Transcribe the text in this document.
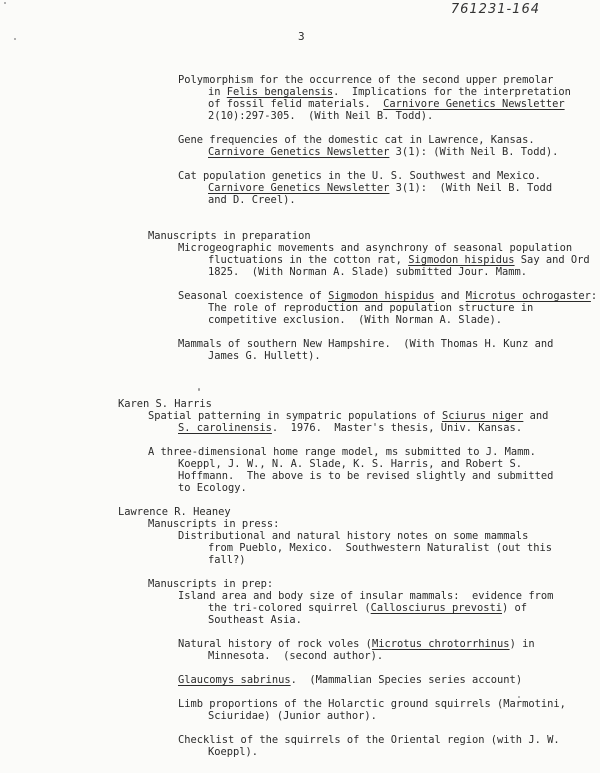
761231-164
3
Polymorphism for the occurrence of the second upper premolar
in Felis bengalensis.  Implications for the interpretation
of fossil felid materials.  Carnivore Genetics Newsletter
2(10):297-305.  (With Neil B. Todd).
Gene frequencies of the domestic cat in Lawrence, Kansas.
Carnivore Genetics Newsletter 3(1): (With Neil B. Todd).
Cat population genetics in the U. S. Southwest and Mexico.
Carnivore Genetics Newsletter 3(1):  (With Neil B. Todd
and D. Creel).
Manuscripts in preparation
Microgeographic movements and asynchrony of seasonal population
fluctuations in the cotton rat, Sigmodon hispidus Say and Ord
1825.  (With Norman A. Slade) submitted Jour. Mamm.
Seasonal coexistence of Sigmodon hispidus and Microtus ochrogaster:
The role of reproduction and population structure in
competitive exclusion.  (With Norman A. Slade).
Mammals of southern New Hampshire.  (With Thomas H. Kunz and
James G. Hullett).
Karen S. Harris
Spatial patterning in sympatric populations of Sciurus niger and
S. carolinensis.  1976.  Master's thesis, Univ. Kansas.
A three-dimensional home range model, ms submitted to J. Mamm.
Koeppl, J. W., N. A. Slade, K. S. Harris, and Robert S.
Hoffmann.  The above is to be revised slightly and submitted
to Ecology.
Lawrence R. Heaney
Manuscripts in press:
Distributional and natural history notes on some mammals
from Pueblo, Mexico.  Southwestern Naturalist (out this
fall?)
Manuscripts in prep:
Island area and body size of insular mammals:  evidence from
the tri-colored squirrel (Callosciurus prevosti) of
Southeast Asia.
Natural history of rock voles (Microtus chrotorrhinus) in
Minnesota.  (second author).
Glaucomys sabrinus.  (Mammalian Species series account)
Limb proportions of the Holarctic ground squirrels (Marmotini,
Sciuridae) (Junior author).
Checklist of the squirrels of the Oriental region (with J. W.
Koeppl).
